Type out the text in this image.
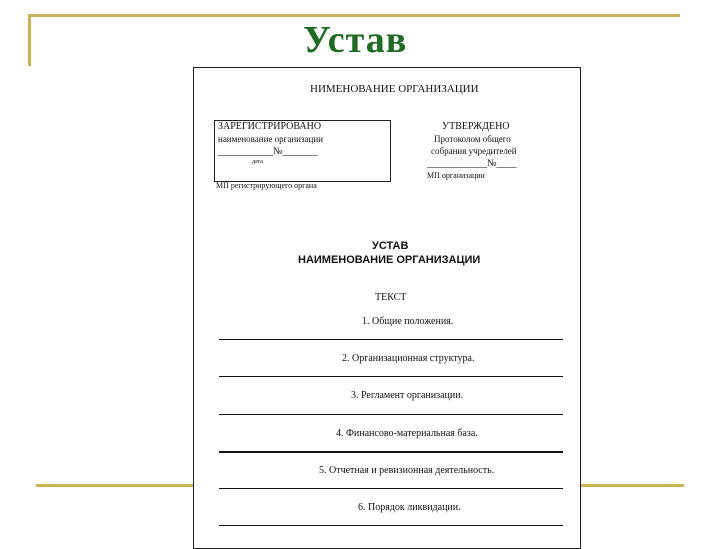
Устав
НИМЕНОВАНИЕ ОРГАНИЗАЦИИ
ЗАРЕГИСТРИРОВАНО
наименование организации
___________№_______
дата
МП регистрирующего органа
УТВЕРЖДЕНО
Протоколом общего
собрания учредителей
____________№____
МП организации
УСТАВ
НАИМЕНОВАНИЕ ОРГАНИЗАЦИИ
ТЕКСТ
1. Общие положения.
2. Организационная структура.
3. Регламент организации.
4. Финансово-материальная база.
5. Отчетная и ревизионная деятельность.
6. Порядок ликвидации.
